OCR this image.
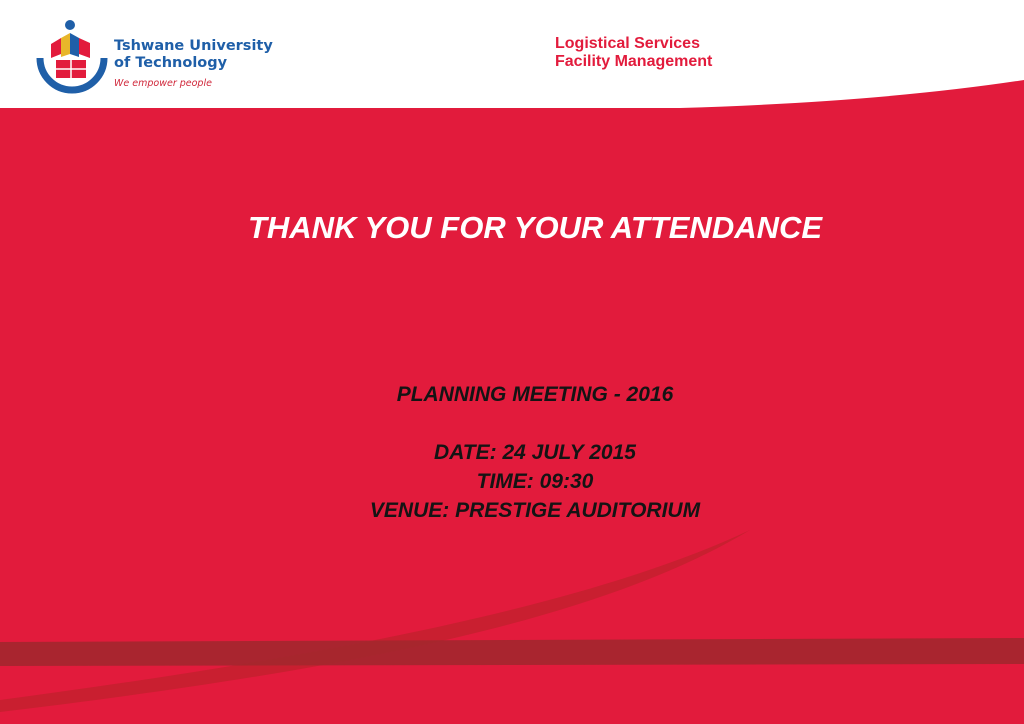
Tshwane University
of Technology
We empower people
Logistical Services
Facility Management
THANK YOU FOR YOUR ATTENDANCE
PLANNING MEETING - 2016
DATE: 24 JULY 2015
TIME: 09:30
VENUE: PRESTIGE AUDITORIUM
